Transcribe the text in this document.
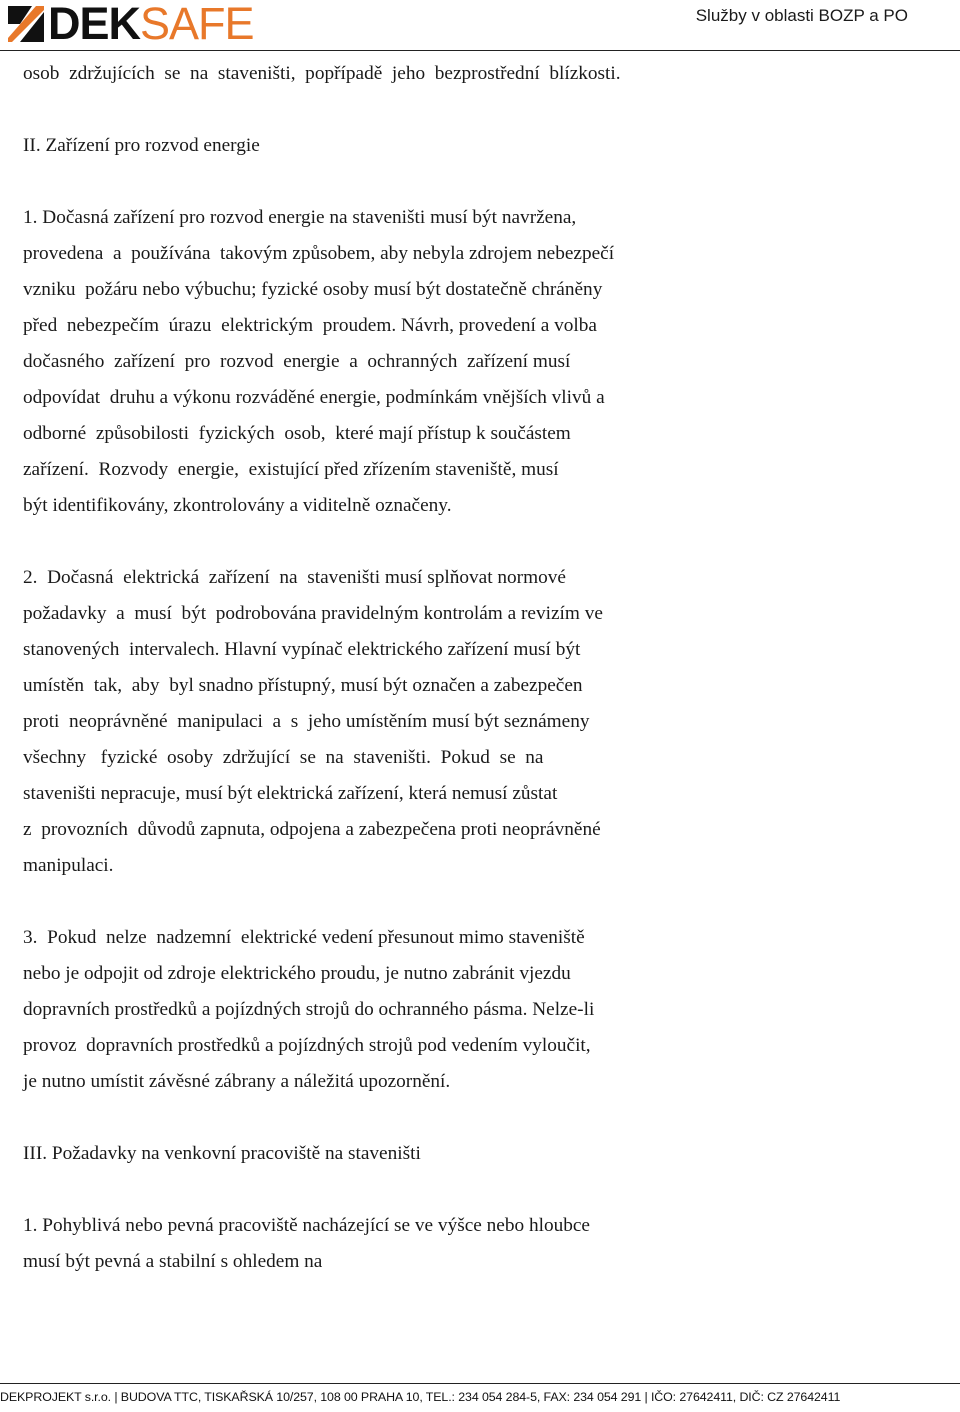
DEKSAFE	Služby v oblasti BOZP a PO

osob  zdržujících  se  na  staveništi,  popřípadě  jeho  bezprostřední  blízkosti.

II. Zařízení pro rozvod energie

1. Dočasná zařízení pro rozvod energie na staveništi musí být navržena,

provedena  a  používána  takovým způsobem, aby nebyla zdrojem nebezpečí

vzniku  požáru nebo výbuchu; fyzické osoby musí být dostatečně chráněny

před  nebezpečím  úrazu  elektrickým  proudem. Návrh, provedení a volba

dočasného  zařízení  pro  rozvod  energie  a  ochranných  zařízení musí

odpovídat  druhu a výkonu rozváděné energie, podmínkám vnějších vlivů a

odborné  způsobilosti  fyzických  osob,  které mají přístup k součástem

zařízení.  Rozvody  energie,  existující před zřízením staveniště, musí

být identifikovány, zkontrolovány a viditelně označeny.

2.  Dočasná  elektrická  zařízení  na  staveništi musí splňovat normové

požadavky  a  musí  být  podrobována pravidelným kontrolám a revizím ve

stanovených  intervalech. Hlavní vypínač elektrického zařízení musí být

umístěn  tak,  aby  byl snadno přístupný, musí být označen a zabezpečen

proti  neoprávněné  manipulaci  a  s  jeho umístěním musí být seznámeny

všechny   fyzické  osoby  zdržující  se  na  staveništi.  Pokud  se  na

staveništi nepracuje, musí být elektrická zařízení, která nemusí zůstat

z  provozních  důvodů zapnuta, odpojena a zabezpečena proti neoprávněné

manipulaci.

3.  Pokud  nelze  nadzemní  elektrické vedení přesunout mimo staveniště

nebo je odpojit od zdroje elektrického proudu, je nutno zabránit vjezdu

dopravních prostředků a pojízdných strojů do ochranného pásma. Nelze-li

provoz  dopravních prostředků a pojízdných strojů pod vedením vyloučit,

je nutno umístit závěsné zábrany a náležitá upozornění.

III. Požadavky na venkovní pracoviště na staveništi

1. Pohyblivá nebo pevná pracoviště nacházející se ve výšce nebo hloubce

musí být pevná a stabilní s ohledem na

DEKPROJEKT s.r.o. | BUDOVA TTC, TISKAŘSKÁ 10/257, 108 00 PRAHA 10, TEL.: 234 054 284-5, FAX: 234 054 291 | IČO: 27642411, DIČ: CZ 27642411
